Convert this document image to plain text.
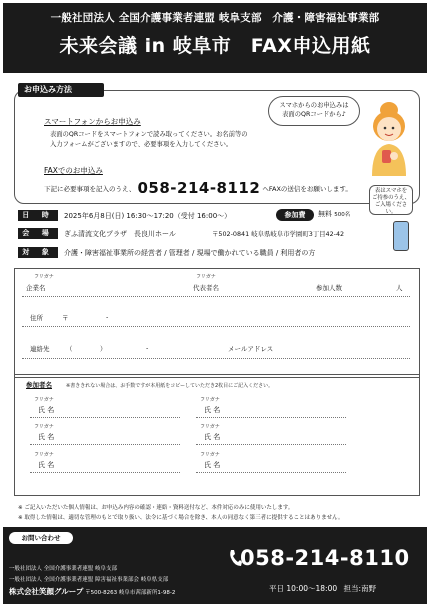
一般社団法人 全国介護事業者連盟 岐阜支部　介護・障害福祉事業部
未来会議 in 岐阜市　FAX申込用紙
お申込み方法
スマホからのお申込みは
表面のQRコードから♪
スマートフォンからお申込み
表面のQRコードをスマートフォンで読み取ってください。お名前等の
入力フォームがございますので、必要事項を入力してください。
FAXでのお申込み
下記に必要事項を記入のうえ、 058-214-8112 へFAXの送信をお願いします。	表はスマホを
ご持参のうえ、
ご入場ください。
日 時	2025年6月8日(日) 16:30～17:20（受付 16:00～）	参加費	無料 500名
会 場	ぎふ清流文化プラザ　長良川ホール	〒502-0841 岐阜県岐阜市学園町3丁目42-42
対 象	介護・障害福祉事業所の経営者 / 管理者 / 現場で働かれている職員 / 利用者の方
フリガナ
企業名
フリガナ
代表者名	参加人数	人
住所	〒	-
連絡先	（	）	-	メールアドレス
参加者名	※書ききれない場合は、お手数ですが本用紙をコピーしていただき2枚目にご記入ください。
フリガナ
氏 名
フリガナ
氏 名
フリガナ
氏 名
フリガナ
氏 名
フリガナ
氏 名
フリガナ
氏 名
※ ご記入いただいた個人情報は、お申込み内容の確認・連絡・資料送付など、本件対応のみに使用いたします。
※ 取得した情報は、適切な管理のもとで取り扱い、法令に基づく場合を除き、本人の同意なく第三者に提供することはありません。
お問い合わせ
一般社団法人 全国介護事業者連盟 岐阜支部
一般社団法人 全国介護事業者連盟 障害福祉事業部会 岐阜県支部
株式会社笑顔グループ 〒500-8263 岐阜市茜部新所1-98-2
058-214-8110
平日 10:00～18:00 担当:南野
